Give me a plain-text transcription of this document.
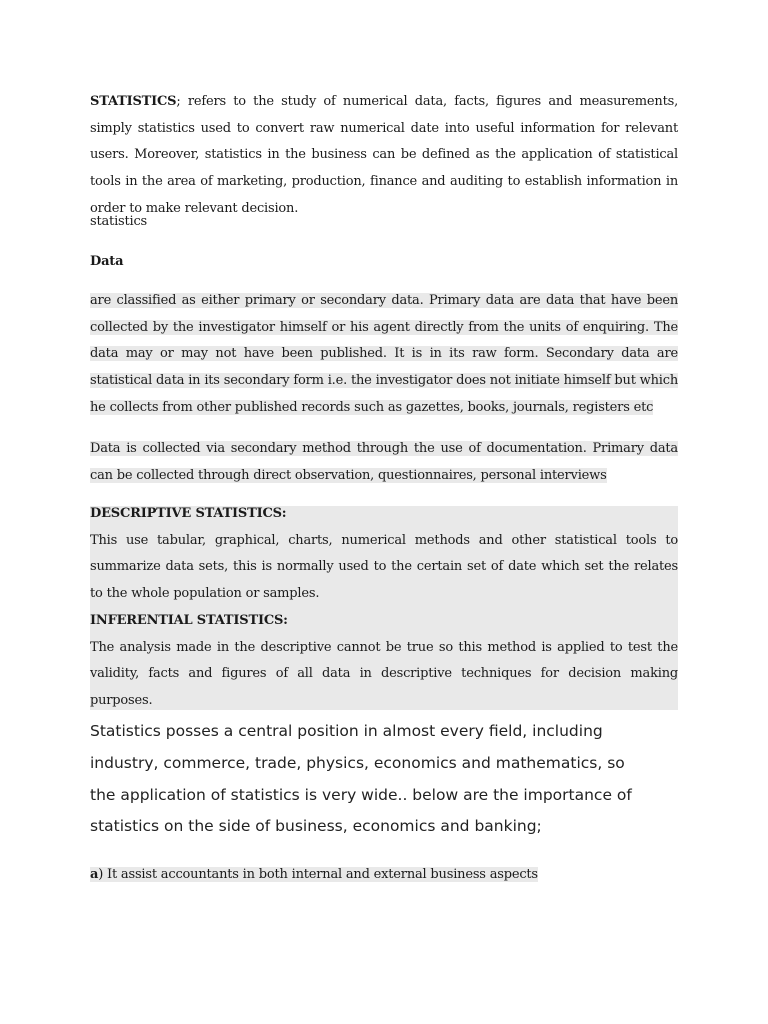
STATISTICS; refers to the study of numerical data, facts, figures and measurements, simply statistics used to convert raw numerical date into useful information for relevant users. Moreover, statistics in the business can be defined as the application of statistical tools in the area of marketing, production, finance and auditing to establish information in order to make relevant decision.

statistics

Data

are classified as either primary or secondary data. Primary data are data that have been collected by the investigator himself or his agent directly from the units of enquiring. The data may or may not have been published. It is in its raw form. Secondary data are statistical data in its secondary form i.e. the investigator does not initiate himself but which he collects from other published records such as gazettes, books, journals, registers etc

Data is collected via secondary method through the use of documentation. Primary data can be collected through direct observation, questionnaires, personal interviews

DESCRIPTIVE STATISTICS:

This use tabular, graphical, charts, numerical methods and other statistical tools to summarize data sets, this is normally used to the certain set of date which set the relates to the whole population or samples.

INFERENTIAL STATISTICS:

The analysis made in the descriptive cannot be true so this method is applied to test the validity, facts and figures of all data in descriptive techniques for decision making purposes.

Statistics posses a central position in almost every field, including industry, commerce, trade, physics, economics and mathematics, so the application of statistics is very wide.. below are the importance of statistics on the side of business, economics and banking;

a) It assist accountants in both internal and external business aspects
